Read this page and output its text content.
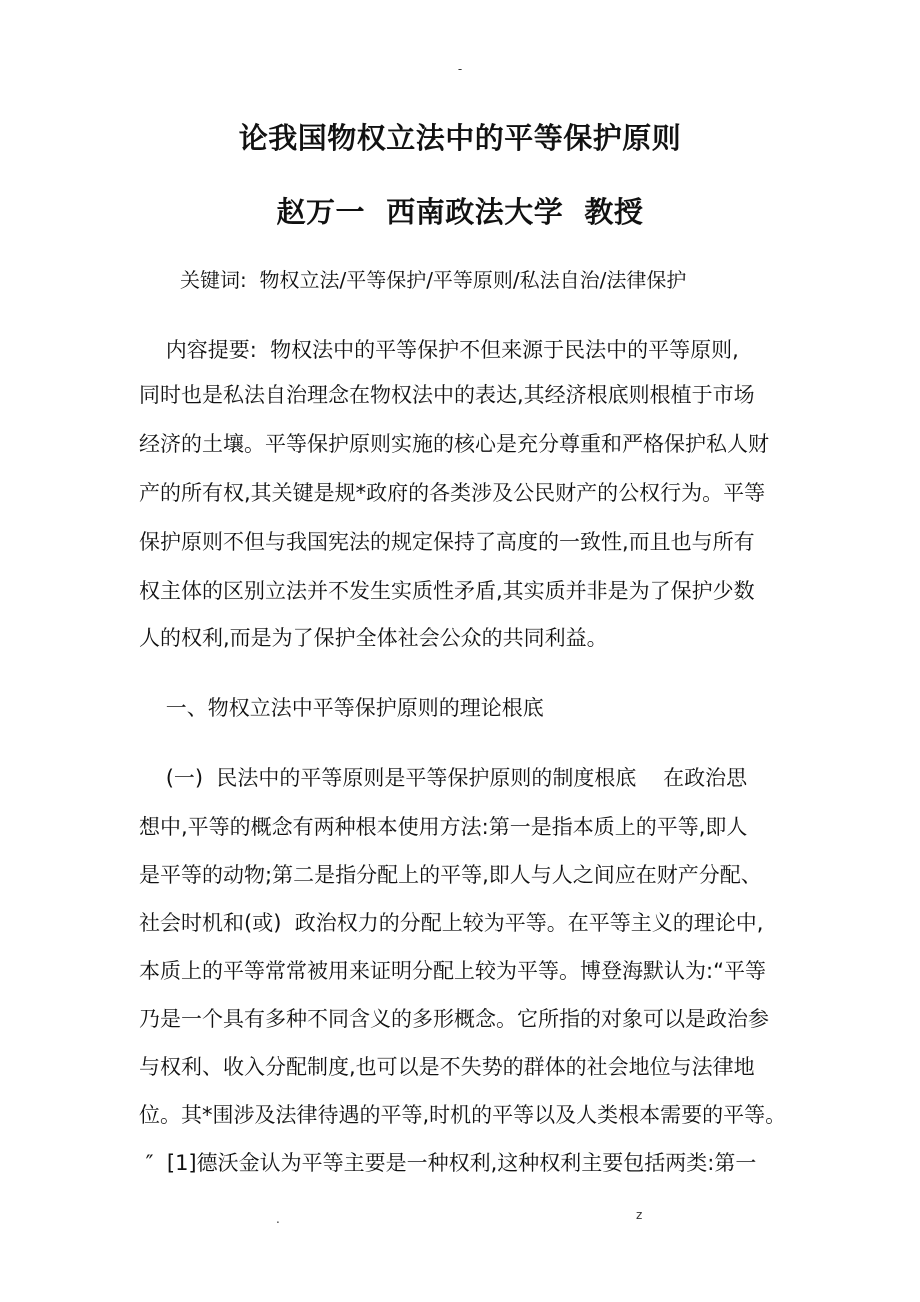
-
论我国物权立法中的平等保护原则
赵万一  西南政法大学  教授
关键词:  物权立法/平等保护/平等原则/私法自治/法律保护
内容提要:  物权法中的平等保护不但来源于民法中的平等原则,
同时也是私法自治理念在物权法中的表达,其经济根底则根植于市场
经济的土壤。平等保护原则实施的核心是充分尊重和严格保护私人财
产的所有权,其关键是规*政府的各类涉及公民财产的公权行为。平等
保护原则不但与我国宪法的规定保持了高度的一致性,而且也与所有
权主体的区别立法并不发生实质性矛盾,其实质并非是为了保护少数
人的权利,而是为了保护全体社会公众的共同利益。
一、物权立法中平等保护原则的理论根底
(一)  民法中的平等原则是平等保护原则的制度根底    在政治思
想中,平等的概念有两种根本使用方法:第一是指本质上的平等,即人
是平等的动物;第二是指分配上的平等,即人与人之间应在财产分配、
社会时机和(或)  政治权力的分配上较为平等。在平等主义的理论中,
本质上的平等常常被用来证明分配上较为平等。博登海默认为:“平等
乃是一个具有多种不同含义的多形概念。它所指的对象可以是政治参
与权利、收入分配制度,也可以是不失势的群体的社会地位与法律地
位。其*围涉及法律待遇的平等,时机的平等以及人类根本需要的平等。
″  [1]德沃金认为平等主要是一种权利,这种权利主要包括两类:第一
.	z
